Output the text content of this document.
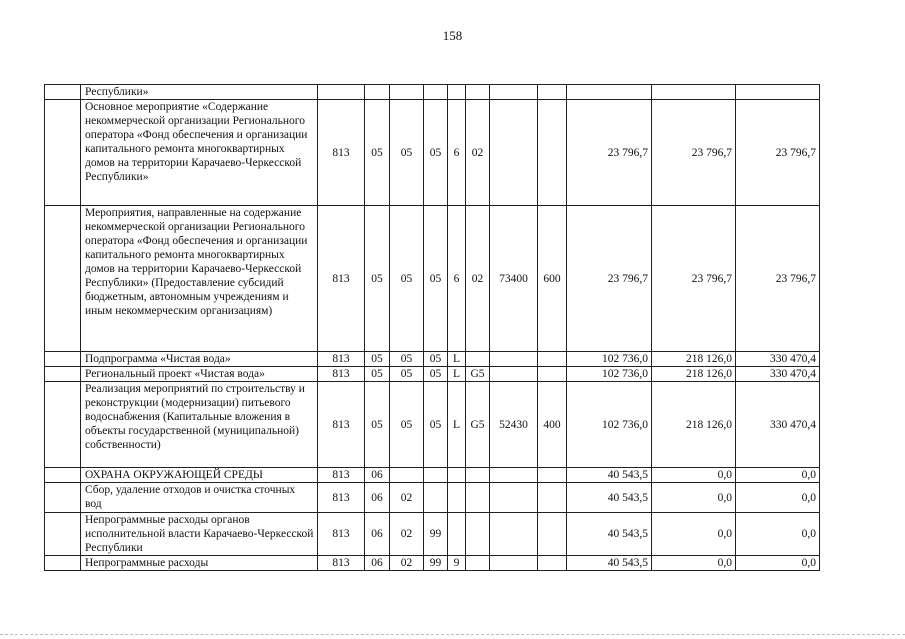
158
	Республики»											
	Основное мероприятие «Содержание некоммерческой организации Регионального оператора «Фонд обеспечения и организации капитального ремонта многоквартирных домов на территории Карачаево-Черкесской Республики»	813	05	05	05	6	02			23 796,7	23 796,7	23 796,7
	Мероприятия, направленные на содержание некоммерческой организации Регионального оператора «Фонд обеспечения и организации капитального ремонта многоквартирных домов на территории Карачаево-Черкесской Республики» (Предоставление субсидий бюджетным, автономным учреждениям и иным некоммерческим организациям)	813	05	05	05	6	02	73400	600	23 796,7	23 796,7	23 796,7
	Подпрограмма «Чистая вода»	813	05	05	05	L				102 736,0	218 126,0	330 470,4
	Региональный проект «Чистая вода»	813	05	05	05	L	G5			102 736,0	218 126,0	330 470,4
	Реализация мероприятий по строительству и реконструкции (модернизации) питьевого водоснабжения (Капитальные вложения в объекты государственной (муниципальной) собственности)	813	05	05	05	L	G5	52430	400	102 736,0	218 126,0	330 470,4
	ОХРАНА ОКРУЖАЮЩЕЙ СРЕДЫ	813	06							40 543,5	0,0	0,0
	Сбор, удаление отходов и очистка сточных вод	813	06	02						40 543,5	0,0	0,0
	Непрограммные расходы органов исполнительной власти Карачаево-Черкесской Республики	813	06	02	99					40 543,5	0,0	0,0
	Непрограммные расходы	813	06	02	99	9				40 543,5	0,0	0,0
